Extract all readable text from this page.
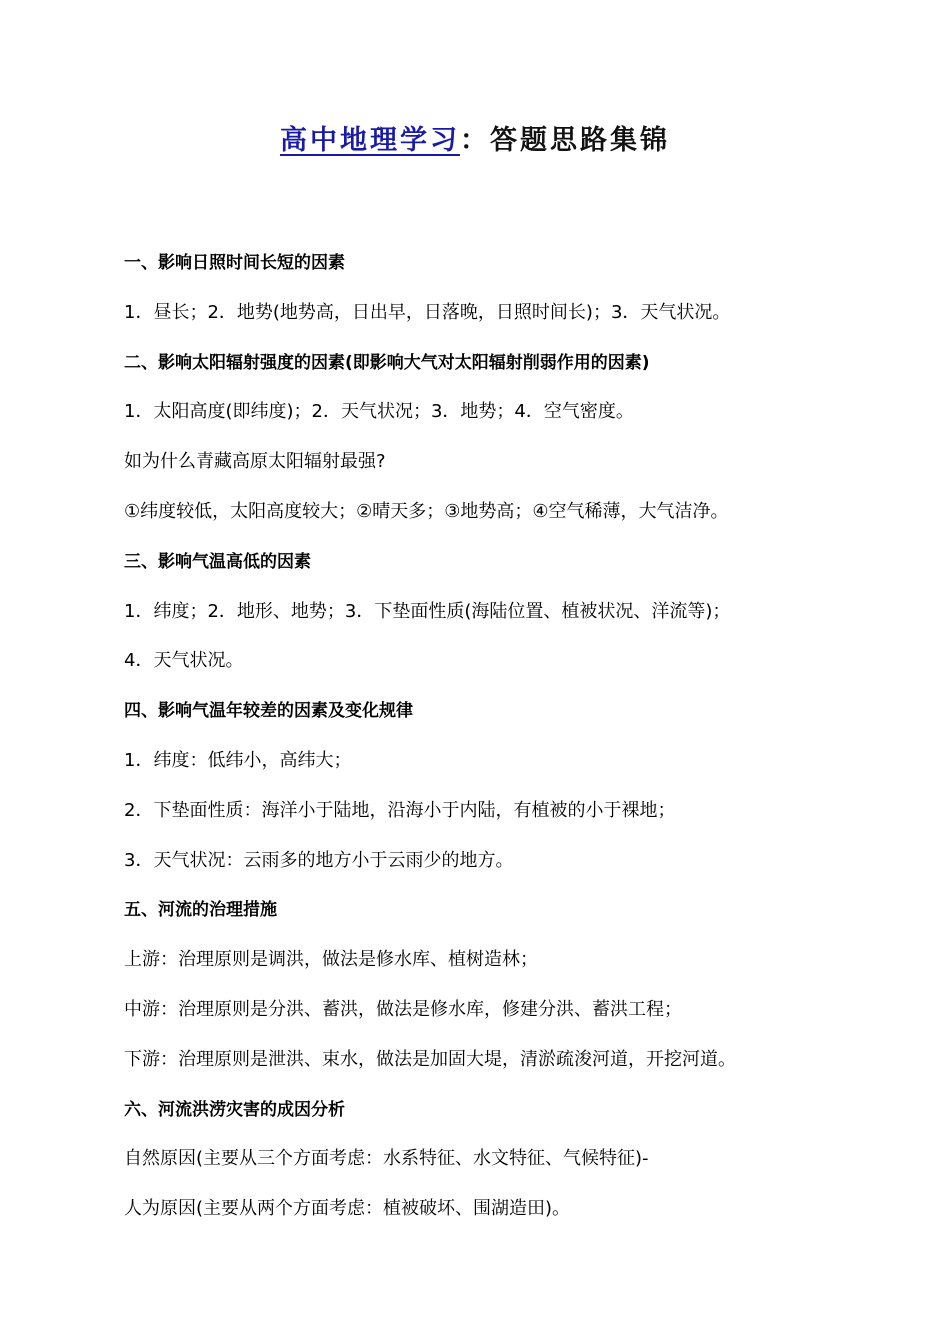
高中地理学习：答题思路集锦
一、影响日照时间长短的因素
1．昼长；2．地势(地势高，日出早，日落晚，日照时间长)；3．天气状况。
二、影响太阳辐射强度的因素(即影响大气对太阳辐射削弱作用的因素)
1．太阳高度(即纬度)；2．天气状况；3．地势；4．空气密度。
如为什么青藏高原太阳辐射最强?
①纬度较低，太阳高度较大；②晴天多；③地势高；④空气稀薄，大气洁净。
三、影响气温高低的因素
1．纬度；2．地形、地势；3．下垫面性质(海陆位置、植被状况、洋流等)；
4．天气状况。
四、影响气温年较差的因素及变化规律
1．纬度：低纬小，高纬大；
2．下垫面性质：海洋小于陆地，沿海小于内陆，有植被的小于裸地；
3．天气状况：云雨多的地方小于云雨少的地方。
五、河流的治理措施
上游：治理原则是调洪，做法是修水库、植树造林；
中游：治理原则是分洪、蓄洪，做法是修水库，修建分洪、蓄洪工程；
下游：治理原则是泄洪、束水，做法是加固大堤，清淤疏浚河道，开挖河道。
六、河流洪涝灾害的成因分析
自然原因(主要从三个方面考虑：水系特征、水文特征、气候特征)-
人为原因(主要从两个方面考虑：植被破坏、围湖造田)。
